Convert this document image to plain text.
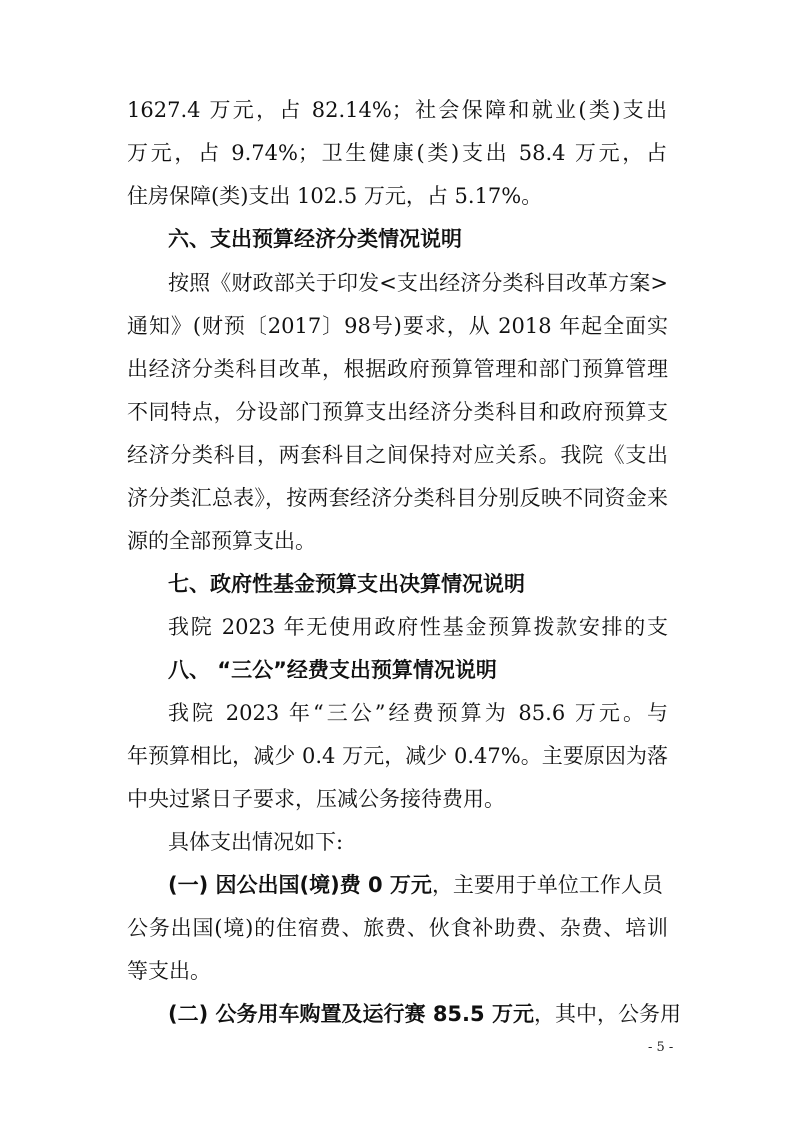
1627.4 万元，占 82.14%；社会保障和就业(类)支出
万元，占 9.74%；卫生健康(类)支出 58.4 万元，占
住房保障(类)支出 102.5 万元，占 5.17%。
六、支出预算经济分类情况说明
按照《财政部关于印发<支出经济分类科目改革方案>
通知》(财预〔2017〕98号)要求，从 2018 年起全面实
出经济分类科目改革，根据政府预算管理和部门预算管理
不同特点，分设部门预算支出经济分类科目和政府预算支
经济分类科目，两套科目之间保持对应关系。我院《支出
济分类汇总表》，按两套经济分类科目分别反映不同资金来
源的全部预算支出。
七、政府性基金预算支出决算情况说明
我院 2023 年无使用政府性基金预算拨款安排的支
八、 “三公”经费支出预算情况说明
我院 2023 年“三公”经费预算为 85.6 万元。与
年预算相比，减少 0.4 万元，减少 0.47%。主要原因为落
中央过紧日子要求，压减公务接待费用。
具体支出情况如下:
(一) 因公出国(境)费 0 万元，主要用于单位工作人员
公务出国(境)的住宿费、旅费、伙食补助费、杂费、培训
等支出。
(二) 公务用车购置及运行赛 85.5 万元，其中，公务用
- 5 -
